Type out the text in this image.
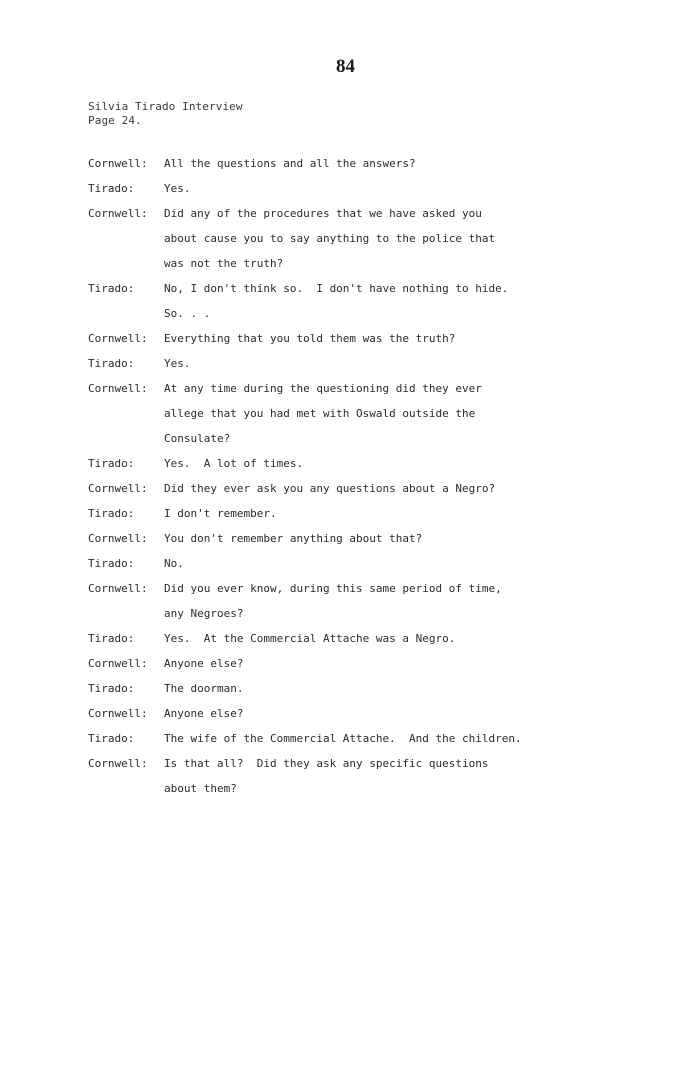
84
Silvia Tirado Interview
Page 24.
Cornwell:	All the questions and all the answers?
Tirado:	Yes.
Cornwell:	Did any of the procedures that we have asked you
about cause you to say anything to the police that
was not the truth?
Tirado:	No, I don't think so.  I don't have nothing to hide.
So. . .
Cornwell:	Everything that you told them was the truth?
Tirado:	Yes.
Cornwell:	At any time during the questioning did they ever
allege that you had met with Oswald outside the
Consulate?
Tirado:	Yes.  A lot of times.
Cornwell:	Did they ever ask you any questions about a Negro?
Tirado:	I don't remember.
Cornwell:	You don't remember anything about that?
Tirado:	No.
Cornwell:	Did you ever know, during this same period of time,
any Negroes?
Tirado:	Yes.  At the Commercial Attache was a Negro.
Cornwell:	Anyone else?
Tirado:	The doorman.
Cornwell:	Anyone else?
Tirado:	The wife of the Commercial Attache.  And the children.
Cornwell:	Is that all?  Did they ask any specific questions
about them?
